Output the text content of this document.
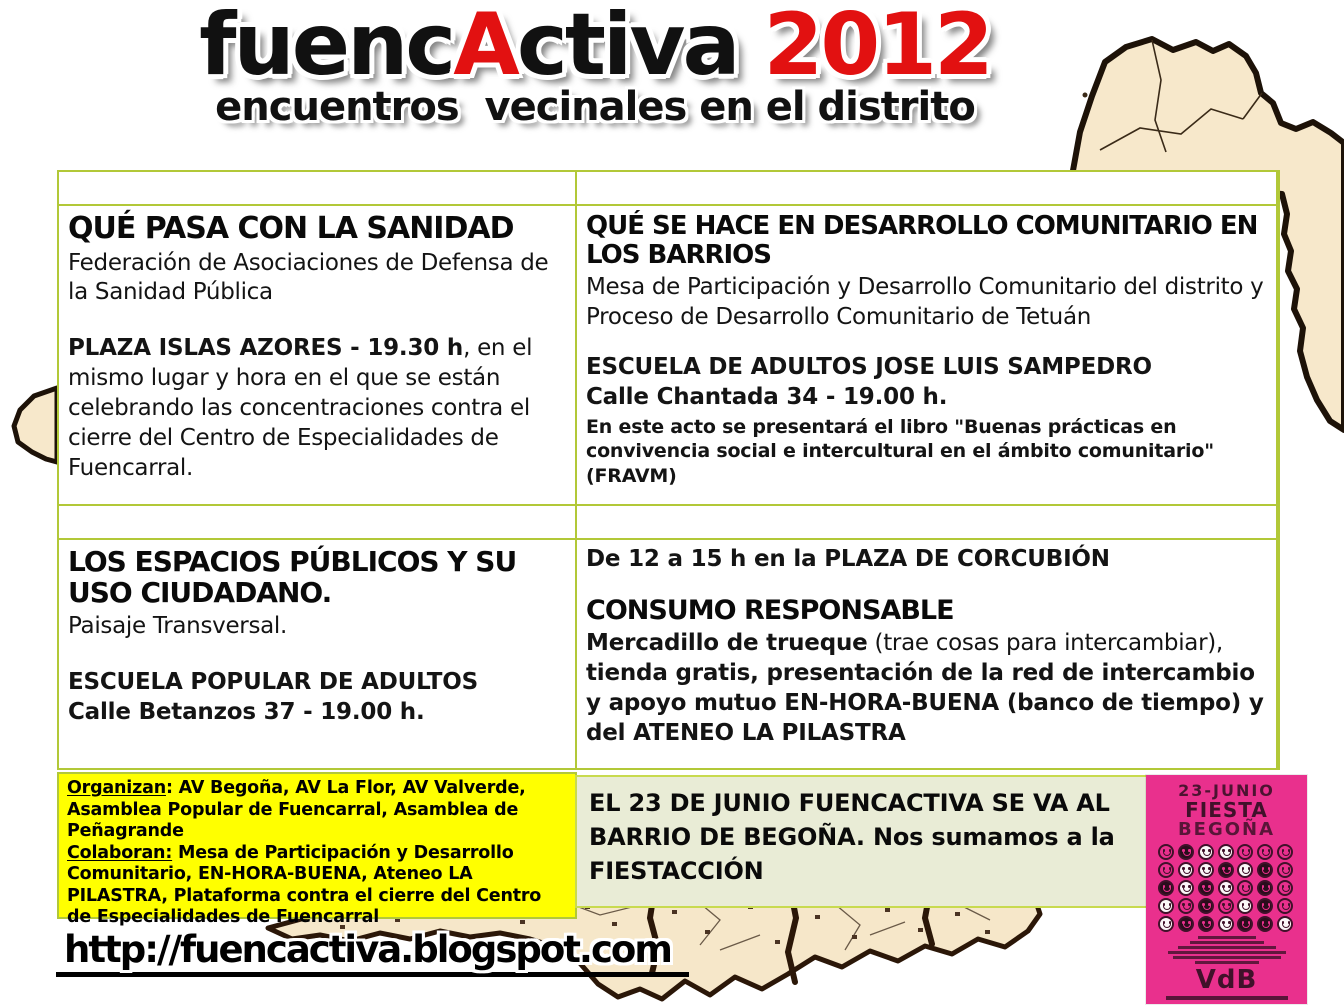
fuencActiva 2012
encuentros  vecinales en el distrito
Miércoles 6 de junio	Jueves 7 de junio
QUÉ PASA CON LA SANIDAD

Federación de Asociaciones de Defensa de la Sanidad Pública

PLAZA ISLAS AZORES - 19.30 h, en el mismo lugar y hora en el que se están celebrando las concentraciones contra el cierre del Centro de Especialidades de Fuencarral.

QUÉ SE HACE EN DESARROLLO COMUNITARIO EN LOS BARRIOS

Mesa de Participación y Desarrollo Comunitario del distrito y Proceso de Desarrollo Comunitario de Tetuán

ESCUELA DE ADULTOS JOSE LUIS SAMPEDRO

Calle Chantada 34 - 19.00 h.

En este acto se presentará el libro "Buenas prácticas en convivencia social e intercultural en el ámbito comunitario" (FRAVM)

Viernes 8 de junio	Domingo 10 de junio
LOS ESPACIOS PÚBLICOS Y SU USO CIUDADANO.

Paisaje Transversal.

ESCUELA POPULAR DE ADULTOS

Calle Betanzos 37 - 19.00 h.

De 12 a 15 h en la PLAZA DE CORCUBIÓN

CONSUMO RESPONSABLE

Mercadillo de trueque (trae cosas para intercambiar), tienda gratis, presentación de la red de intercambio y apoyo mutuo EN-HORA-BUENA (banco de tiempo) y del ATENEO LA PILASTRA

Organizan: AV Begoña, AV La Flor, AV Valverde, Asamblea Popular de Fuencarral, Asamblea de Peñagrande
Colaboran: Mesa de Participación y Desarrollo Comunitario, EN-HORA-BUENA, Ateneo LA PILASTRA, Plataforma contra el cierre del Centro de Especialidades de Fuencarral
EL 23 DE JUNIO FUENCACTIVA SE VA AL BARRIO DE BEGOÑA. Nos sumamos a la FIESTACCIÓN
23-JUNIO
FIESTA
BEGOÑA
VdB
http://fuencactiva.blogspot.com
